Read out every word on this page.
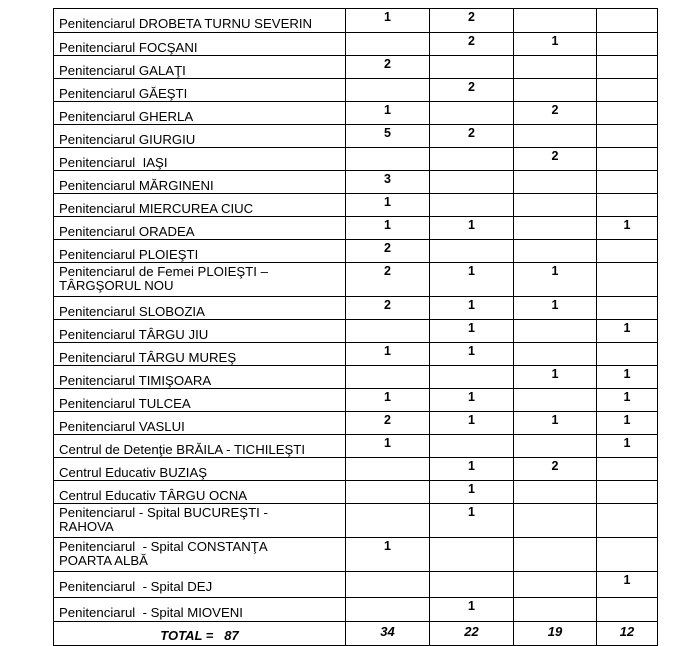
Penitenciarul DROBETA TURNU SEVERIN	1	2		
Penitenciarul FOCŞANI		2	1	
Penitenciarul GALAŢI	2			
Penitenciarul GĂEŞTI		2		
Penitenciarul GHERLA	1		2	
Penitenciarul GIURGIU	5	2		
Penitenciarul  IAŞI			2	
Penitenciarul MĂRGINENI	3			
Penitenciarul MIERCUREA CIUC	1			
Penitenciarul ORADEA	1	1		1
Penitenciarul PLOIEŞTI	2			
Penitenciarul de Femei PLOIEŞTI –
TÂRGŞORUL NOU	2	1	1	
Penitenciarul SLOBOZIA	2	1	1	
Penitenciarul TÂRGU JIU		1		1
Penitenciarul TÂRGU MUREŞ	1	1		
Penitenciarul TIMIŞOARA			1	1
Penitenciarul TULCEA	1	1		1
Penitenciarul VASLUI	2	1	1	1
Centrul de Detenţie BRĂILA - TICHILEŞTI	1			1
Centrul Educativ BUZIAŞ		1	2	
Centrul Educativ TÂRGU OCNA		1		
Penitenciarul - Spital BUCUREŞTI -
RAHOVA		1		
Penitenciarul  - Spital CONSTANŢA
POARTA ALBĂ	1			
Penitenciarul  - Spital DEJ				1
Penitenciarul  - Spital MIOVENI		1		
TOTAL =   87	34	22	19	12
